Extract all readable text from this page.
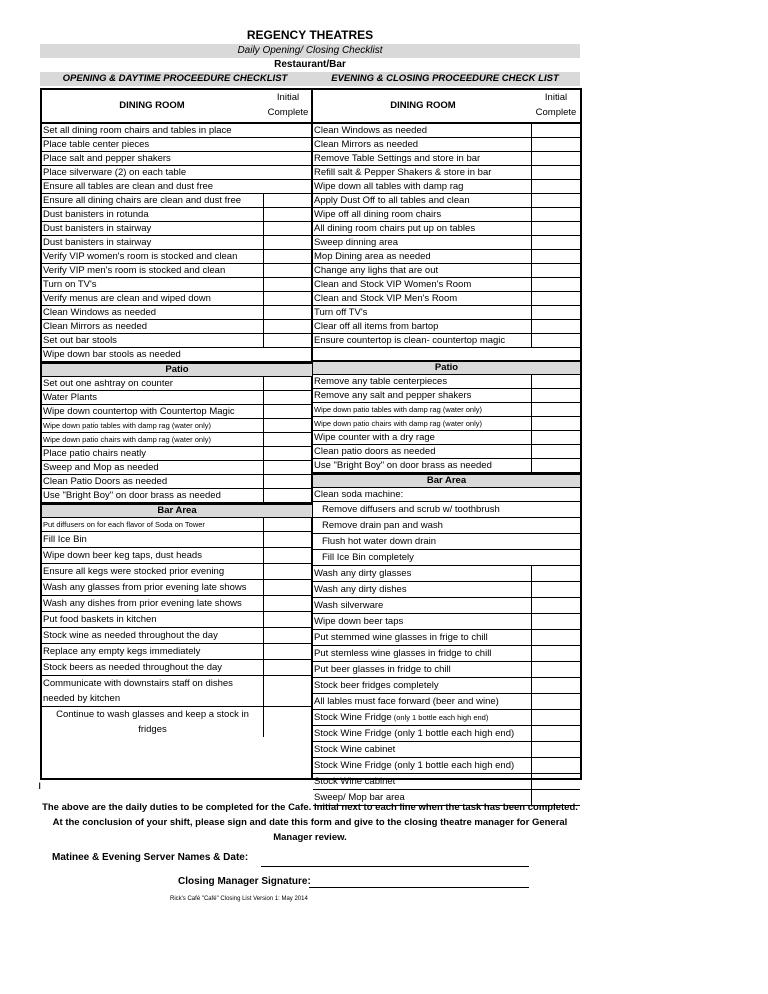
REGENCY THEATRES
Daily Opening/ Closing Checklist
Restaurant/Bar
OPENING & DAYTIME PROCEEDURE CHECKLIST	EVENING & CLOSING PROCEEDURE CHECK LIST
DINING ROOM
Initial
Complete
Set all dining room chairs and tables in place
Place table center pieces
Place salt and pepper shakers
Place silverware (2) on each table
Ensure all tables are clean and dust free
Ensure all dining chairs are clean and dust free
Dust banisters in rotunda
Dust banisters in stairway
Dust banisters in stairway
Verify VIP women's room is stocked and clean
Verify VIP men's room is stocked and clean
Turn on TV's
Verify menus are clean and wiped down
Clean Windows as needed
Clean Mirrors as needed
Set out bar stools
Wipe down bar stools as needed
Patio
Set out one ashtray on counter
Water Plants
Wipe down countertop with Countertop Magic
Wipe down patio tables with damp rag (water only)
Wipe down patio chairs with damp rag (water only)
Place patio chairs neatly
Sweep and Mop as needed
Clean Patio Doors as needed
Use "Bright Boy" on door brass as needed
Bar Area
Put diffusers on for each flavor of Soda on Tower
Fill Ice Bin
Wipe down beer keg taps, dust heads
Ensure all kegs were stocked prior evening
Wash any glasses from prior evening late shows
Wash any dishes from prior evening late shows
Put food baskets in kitchen
Stock wine as needed throughout the day
Replace any empty kegs immediately
Stock beers as needed throughout the day
Communicate with downstairs staff on dishes
needed by kitchen
Continue to wash glasses and keep a stock in
fridges
DINING ROOM
Initial
Complete
Clean Windows as needed
Clean Mirrors as needed
Remove Table Settings and store in bar
Refill salt & Pepper Shakers & store in bar
Wipe down all tables with damp rag
Apply Dust Off to all tables and clean
Wipe off all dining room chairs
All dining room chairs put up on tables
Sweep dinning area
Mop Dining area as needed
Change any lighs that are out
Clean and Stock VIP Women's Room
Clean and Stock VIP Men's Room
Turn off TV's
Clear off all items from bartop
Ensure countertop is clean- countertop magic
Patio
Remove any table centerpieces
Remove any salt and pepper shakers
Wipe down patio tables with damp rag (water only)
Wipe down patio chairs with damp rag (water only)
Wipe counter with a dry rage
Clean patio doors as needed
Use "Bright Boy" on door brass as needed
Bar Area
Clean soda machine:
Remove diffusers and scrub w/ toothbrush
Remove drain pan and wash
Flush hot water down drain
Fill Ice Bin completely
Wash any dirty glasses
Wash any dirty dishes
Wash silverware
Wipe down beer taps
Put stemmed wine glasses in frige to chill
Put stemless wine glasses in fridge to chill
Put beer glasses in fridge to chill
Stock beer fridges completely
All lables must face forward (beer and wine)
Stock Wine Fridge (only 1 bottle each high end)
Stock Wine Fridge (only 1 bottle each high end)
Stock Wine cabinet
Stock Wine Fridge (only 1 bottle each high end)
Stock Wine cabinet
Sweep/ Mop bar area
ı
The above are the daily duties to be completed for the Cafe. Initial next to each line when the task has been completed. At the conclusion of your shift, please sign and date this form and give to the closing theatre manager for General Manager review.
Matinee & Evening Server Names & Date:
Closing Manager Signature:
Rick's Café "Café" Closing List Version 1: May 2014
